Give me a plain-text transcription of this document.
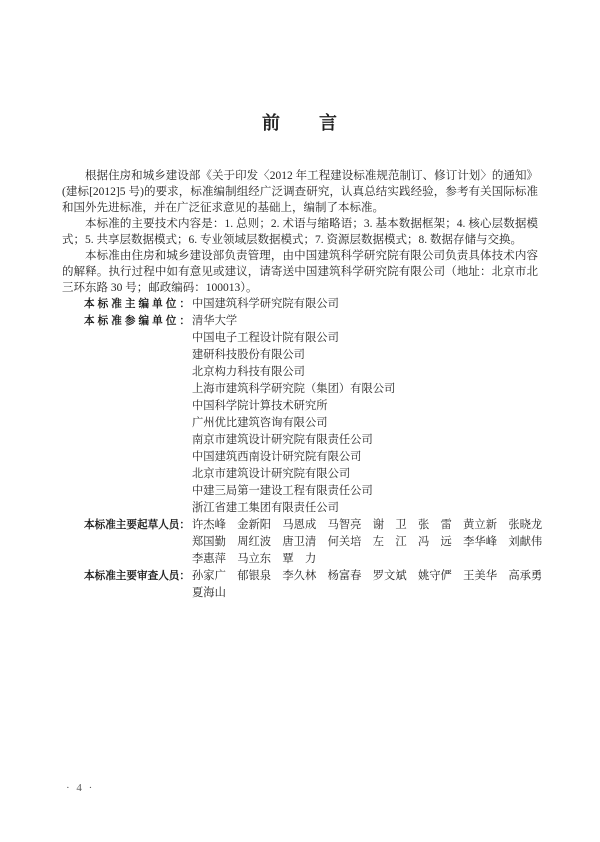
前　　言

根据住房和城乡建设部《关于印发〈2012 年工程建设标准规范制订、修订计划〉的通知》(建标[2012]5 号)的要求，标准编制组经广泛调查研究，认真总结实践经验，参考有关国际标准和国外先进标准，并在广泛征求意见的基础上，编制了本标准。

本标准的主要技术内容是：1. 总则；2. 术语与缩略语；3. 基本数据框架；4. 核心层数据模式；5. 共享层数据模式；6. 专业领域层数据模式；7. 资源层数据模式；8. 数据存储与交换。

本标准由住房和城乡建设部负责管理，由中国建筑科学研究院有限公司负责具体技术内容的解释。执行过程中如有意见或建议，请寄送中国建筑科学研究院有限公司（地址：北京市北三环东路 30 号；邮政编码：100013）。

本标准主编单位： 中国建筑科学研究院有限公司
本标准参编单位： 清华大学
中国电子工程设计院有限公司
建研科技股份有限公司
北京构力科技有限公司
上海市建筑科学研究院（集团）有限公司
中国科学院计算技术研究所
广州优比建筑咨询有限公司
南京市建筑设计研究院有限责任公司
中国建筑西南设计研究院有限公司
北京市建筑设计研究院有限公司
中建三局第一建设工程有限责任公司
浙江省建工集团有限责任公司
本标准主要起草人员： 许杰峰　金新阳　马恩成　马智亮　谢　卫　张　雷　黄立新　张晓龙
郑国勤　周红波　唐卫清　何关培　左　江　冯　远　李华峰　刘献伟
李惠萍　马立东　覃　力
本标准主要审查人员： 孙家广　郁银泉　李久林　杨富春　罗文斌　姚守俨　王美华　高承勇
夏海山
· 4 ·
